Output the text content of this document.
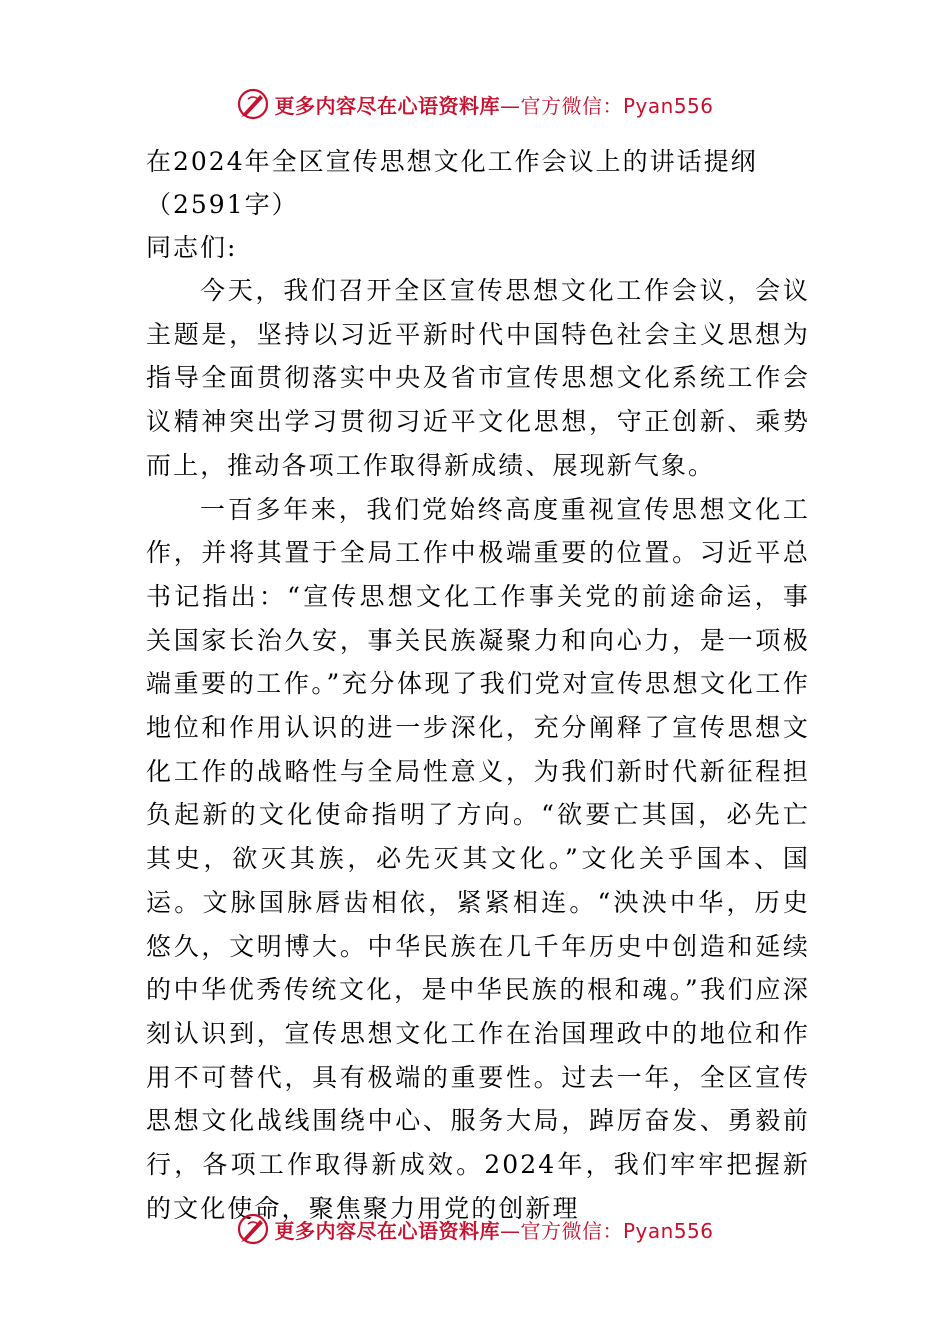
更多内容尽在心语资料库—官方微信：Pyan556
在2024年全区宣传思想文化工作会议上的讲话提纲（2591字）

同志们:

今天，我们召开全区宣传思想文化工作会议，会议主题是，坚持以习近平新时代中国特色社会主义思想为指导全面贯彻落实中央及省市宣传思想文化系统工作会议精神突出学习贯彻习近平文化思想，守正创新、乘势而上，推动各项工作取得新成绩、展现新气象。

一百多年来，我们党始终高度重视宣传思想文化工作，并将其置于全局工作中极端重要的位置。习近平总书记指出：“宣传思想文化工作事关党的前途命运，事关国家长治久安，事关民族凝聚力和向心力，是一项极端重要的工作。”充分体现了我们党对宣传思想文化工作地位和作用认识的进一步深化，充分阐释了宣传思想文化工作的战略性与全局性意义，为我们新时代新征程担负起新的文化使命指明了方向。“欲要亡其国，必先亡其史，欲灭其族，必先灭其文化。”文化关乎国本、国运。文脉国脉唇齿相依，紧紧相连。“泱泱中华，历史悠久，文明博大。中华民族在几千年历史中创造和延续的中华优秀传统文化，是中华民族的根和魂。”我们应深刻认识到，宣传思想文化工作在治国理政中的地位和作用不可替代，具有极端的重要性。过去一年，全区宣传思想文化战线围绕中心、服务大局，踔厉奋发、勇毅前行，各项工作取得新成效。2024年，我们牢牢把握新的文化使命，聚焦聚力用党的创新理

更多内容尽在心语资料库—官方微信：Pyan556
